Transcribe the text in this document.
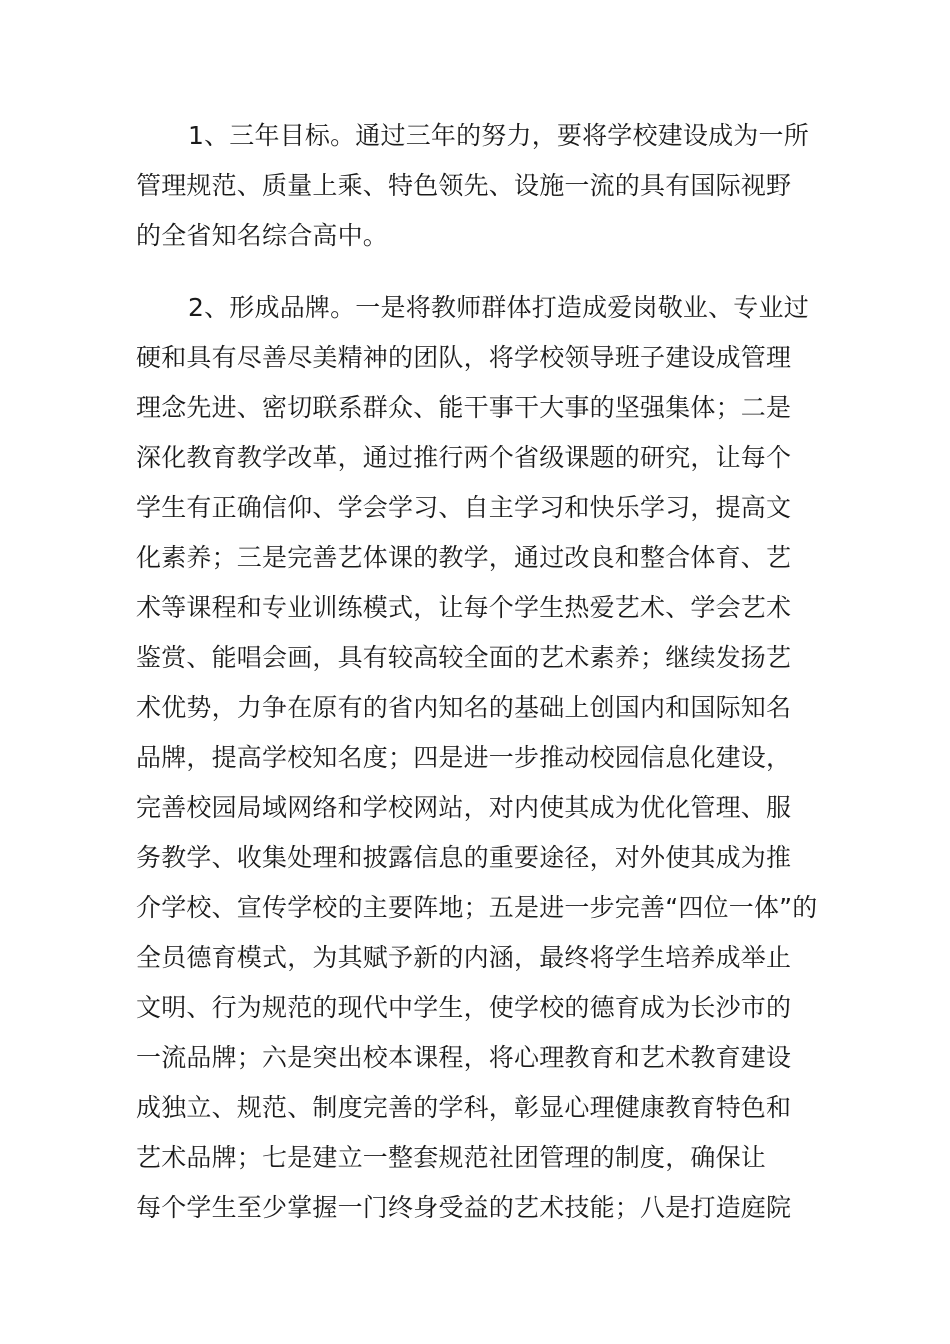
1、三年目标。通过三年的努力，要将学校建设成为一所
管理规范、质量上乘、特色领先、设施一流的具有国际视野
的全省知名综合高中。
2、形成品牌。一是将教师群体打造成爱岗敬业、专业过
硬和具有尽善尽美精神的团队，将学校领导班子建设成管理
理念先进、密切联系群众、能干事干大事的坚强集体；二是
深化教育教学改革，通过推行两个省级课题的研究，让每个
学生有正确信仰、学会学习、自主学习和快乐学习，提高文
化素养；三是完善艺体课的教学，通过改良和整合体育、艺
术等课程和专业训练模式，让每个学生热爱艺术、学会艺术
鉴赏、能唱会画，具有较高较全面的艺术素养；继续发扬艺
术优势，力争在原有的省内知名的基础上创国内和国际知名
品牌，提高学校知名度；四是进一步推动校园信息化建设，
完善校园局域网络和学校网站，对内使其成为优化管理、服
务教学、收集处理和披露信息的重要途径，对外使其成为推
介学校、宣传学校的主要阵地；五是进一步完善“四位一体”的
全员德育模式，为其赋予新的内涵，最终将学生培养成举止
文明、行为规范的现代中学生，使学校的德育成为长沙市的
一流品牌；六是突出校本课程，将心理教育和艺术教育建设
成独立、规范、制度完善的学科，彰显心理健康教育特色和
艺术品牌；七是建立一整套规范社团管理的制度，确保让
每个学生至少掌握一门终身受益的艺术技能；八是打造庭院
